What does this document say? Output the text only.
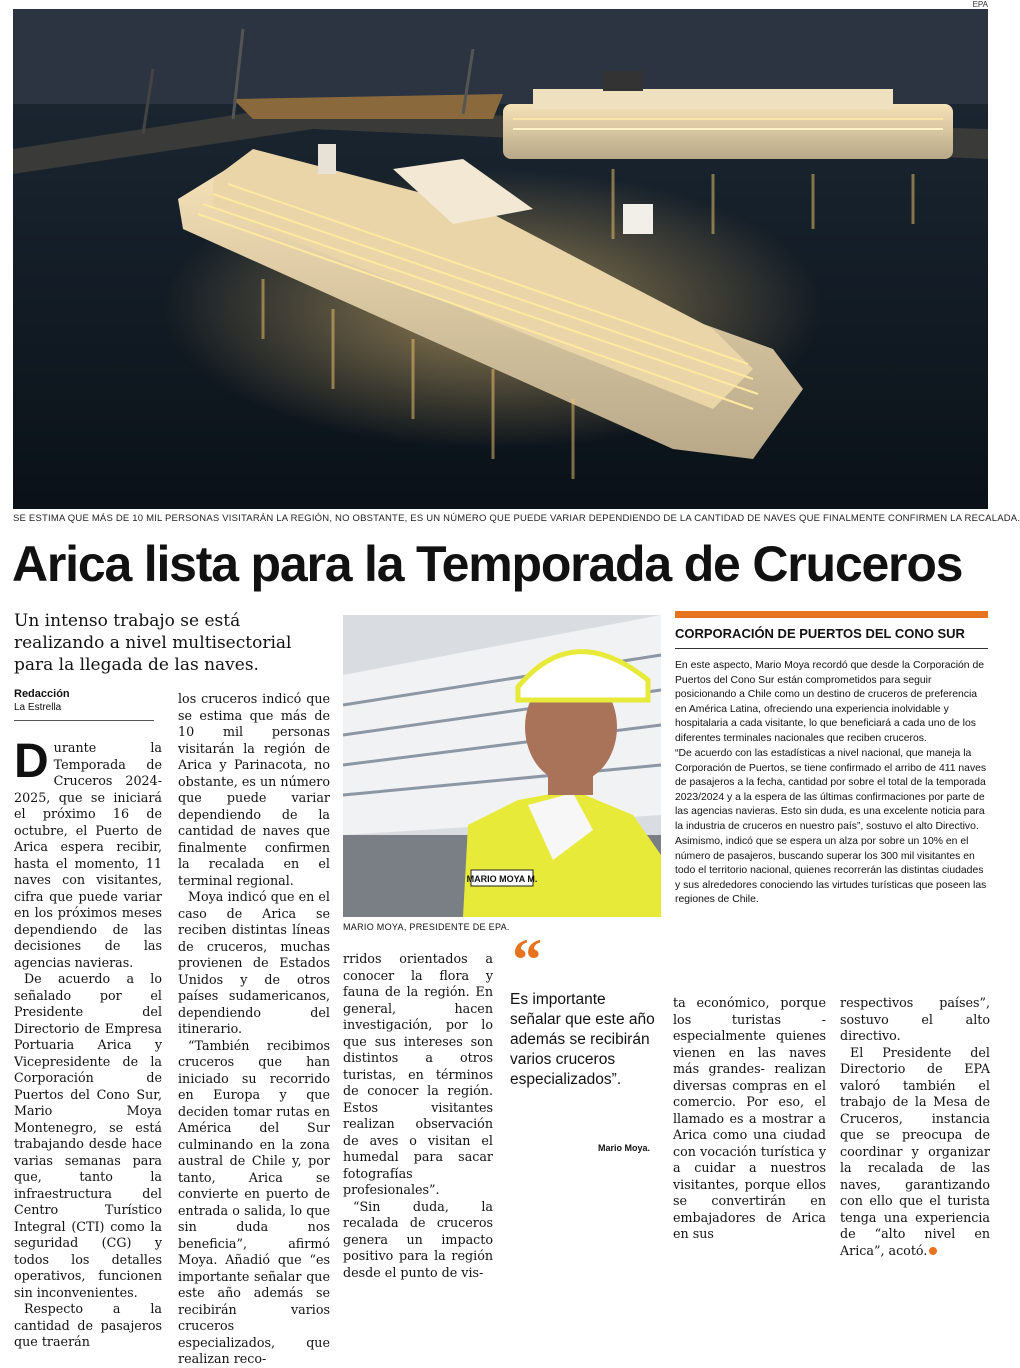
EPA
SE ESTIMA QUE MÁS DE 10 MIL PERSONAS VISITARÁN LA REGIÓN, NO OBSTANTE, ES UN NÚMERO QUE PUEDE VARIAR DEPENDIENDO DE LA CANTIDAD DE NAVES QUE FINALMENTE CONFIRMEN LA RECALADA.
Arica lista para la Temporada de Cruceros
Un intenso trabajo se está realizando a nivel multisectorial para la llegada de las naves.
Redacción
La Estrella

Durante la Temporada de Cruceros 2024-2025, que se iniciará el próximo 16 de octubre, el Puerto de Arica espera recibir, hasta el momento, 11 naves con visitantes, cifra que puede variar en los próximos meses dependiendo de las decisiones de las agencias navieras.

De acuerdo a lo señalado por el Presidente del Directorio de Empresa Portuaria Arica y Vicepresidente de la Corporación de Puertos del Cono Sur, Mario Moya Montenegro, se está trabajando desde hace varias semanas para que, tanto la infraestructura del Centro Turístico Integral (CTI) como la seguridad (CG) y todos los detalles operativos, funcionen sin inconvenientes.

Respecto a la cantidad de pasajeros que traerán

los cruceros indicó que se estima que más de 10 mil personas visitarán la región de Arica y Parinacota, no obstante, es un número que puede variar dependiendo de la cantidad de naves que finalmente confirmen la recalada en el terminal regional.

Moya indicó que en el caso de Arica se reciben distintas líneas de cruceros, muchas provienen de Estados Unidos y de otros países sudamericanos, dependiendo del itinerario.

“También recibimos cruceros que han iniciado su recorrido en Europa y que deciden tomar rutas en América del Sur culminando en la zona austral de Chile y, por tanto, Arica se convierte en puerto de entrada o salida, lo que sin duda nos beneficia”, afirmó Moya. Añadió que “es importante señalar que este año además se recibirán varios cruceros especializados, que realizan reco-

MARIO MOYA M.
MARIO MOYA, PRESIDENTE DE EPA.

rridos orientados a conocer la flora y fauna de la región. En general, hacen investigación, por lo que sus intereses son distintos a otros turistas, en términos de conocer la región. Estos visitantes realizan observación de aves o visitan el humedal para sacar fotografías profesionales”.

“Sin duda, la recalada de cruceros genera un impacto positivo para la región desde el punto de vis-

“
Es importante señalar que este año además se recibirán varios cruceros especializados”.
Mario Moya.
CORPORACIÓN DE PUERTOS DEL CONO SUR

En este aspecto, Mario Moya recordó que desde la Corporación de Puertos del Cono Sur están comprometidos para seguir posicionando a Chile como un destino de cruceros de preferencia en América Latina, ofreciendo una experiencia inolvidable y hospitalaria a cada visitante, lo que beneficiará a cada uno de los diferentes terminales nacionales que reciben cruceros.

“De acuerdo con las estadísticas a nivel nacional, que maneja la Corporación de Puertos, se tiene confirmado el arribo de 411 naves de pasajeros a la fecha, cantidad por sobre el total de la temporada 2023/2024 y a la espera de las últimas confirmaciones por parte de las agencias navieras. Esto sin duda, es una excelente noticia para la industria de cruceros en nuestro país”, sostuvo el alto Directivo.

Asimismo, indicó que se espera un alza por sobre un 10% en el número de pasajeros, buscando superar los 300 mil visitantes en todo el territorio nacional, quienes recorrerán las distintas ciudades y sus alrededores conociendo las virtudes turísticas que poseen las regiones de Chile.

ta económico, porque los turistas -especialmente quienes vienen en las naves más grandes- realizan diversas compras en el comercio. Por eso, el llamado es a mostrar a Arica como una ciudad con vocación turística y a cuidar a nuestros visitantes, porque ellos se convertirán en embajadores de Arica en sus

respectivos países”, sostuvo el alto directivo.

El Presidente del Directorio de EPA valoró también el trabajo de la Mesa de Cruceros, instancia que se preocupa de coordinar y organizar la recalada de las naves, garantizando con ello que el turista tenga una experiencia de “alto nivel en Arica”, acotó.
